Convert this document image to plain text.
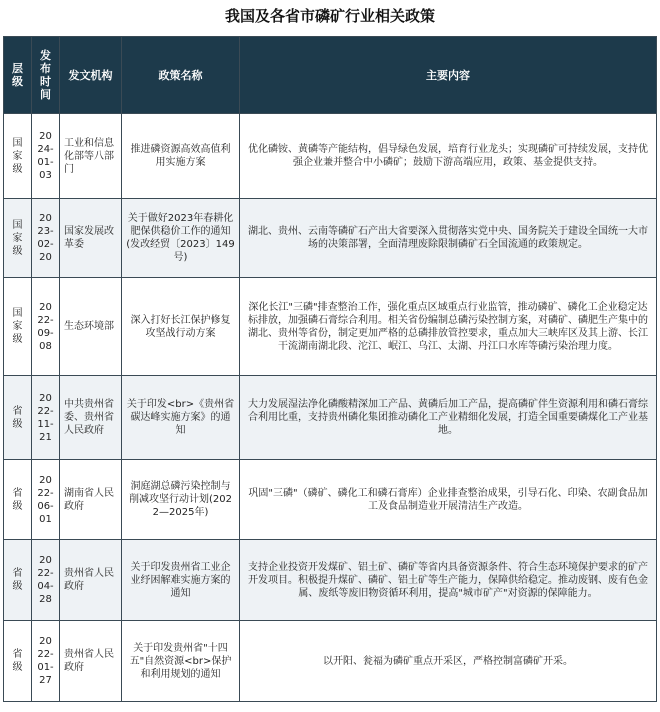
我国及各省市磷矿行业相关政策
层级	发布时间	发文机构	政策名称	主要内容
国家级	2024-01-03	工业和信息化部等八部门	推进磷资源高效高值利用实施方案	优化磷铵、黄磷等产能结构，倡导绿色发展，培育行业龙头；实现磷矿可持续发展，支持优强企业兼并整合中小磷矿；鼓励下游高端应用，政策、基金提供支持。
国家级	2023-02-20	国家发展改革委	关于做好2023年春耕化肥保供稳价工作的通知(发改经贸〔2023〕149号)	湖北、贵州、云南等磷矿石产出大省要深入贯彻落实党中央、国务院关于建设全国统一大市场的决策部署，全面清理废除限制磷矿石全国流通的政策规定。
国家级	2022-09-08	生态环境部	深入打好长江保护修复攻坚战行动方案	深化长江"三磷"排查整治工作，强化重点区域重点行业监管，推动磷矿、磷化工企业稳定达标排放，加强磷石膏综合利用。相关省份编制总磷污染控制方案，对磷矿、磷肥生产集中的湖北、贵州等省份，制定更加严格的总磷排放管控要求，重点加大三峡库区及其上游、长江干流湖南湖北段、沱江、岷江、乌江、太湖、丹江口水库等磷污染治理力度。
省级	2022-11-21	中共贵州省委、贵州省人民政府	关于印发<br>《贵州省碳达峰实施方案》的通知	大力发展湿法净化磷酸精深加工产品、黄磷后加工产品，提高磷矿伴生资源利用和磷石膏综合利用比重，支持贵州磷化集团推动磷化工产业精细化发展，打造全国重要磷煤化工产业基地。
省级	2022-06-01	湖南省人民政府	洞庭湖总磷污染控制与削减攻坚行动计划(2022—2025年)	巩固"三磷"（磷矿、磷化工和磷石膏库）企业排查整治成果，引导石化、印染、农副食品加工及食品制造业开展清洁生产改造。
省级	2022-04-28	贵州省人民政府	关于印发贵州省工业企业纾困解难实施方案的通知	支持企业投资开发煤矿、铝土矿、磷矿等省内具备资源条件、符合生态环境保护要求的矿产开发项目。积极提升煤矿、磷矿、铝土矿等生产能力，保障供给稳定。推动废钢、废有色金属、废纸等废旧物资循环利用，提高"城市矿产"对资源的保障能力。
省级	2022-01-27	贵州省人民政府	关于印发贵州省"十四五"自然资源<br>保护和利用规划的通知	以开阳、瓮福为磷矿重点开采区，严格控制富磷矿开采。
